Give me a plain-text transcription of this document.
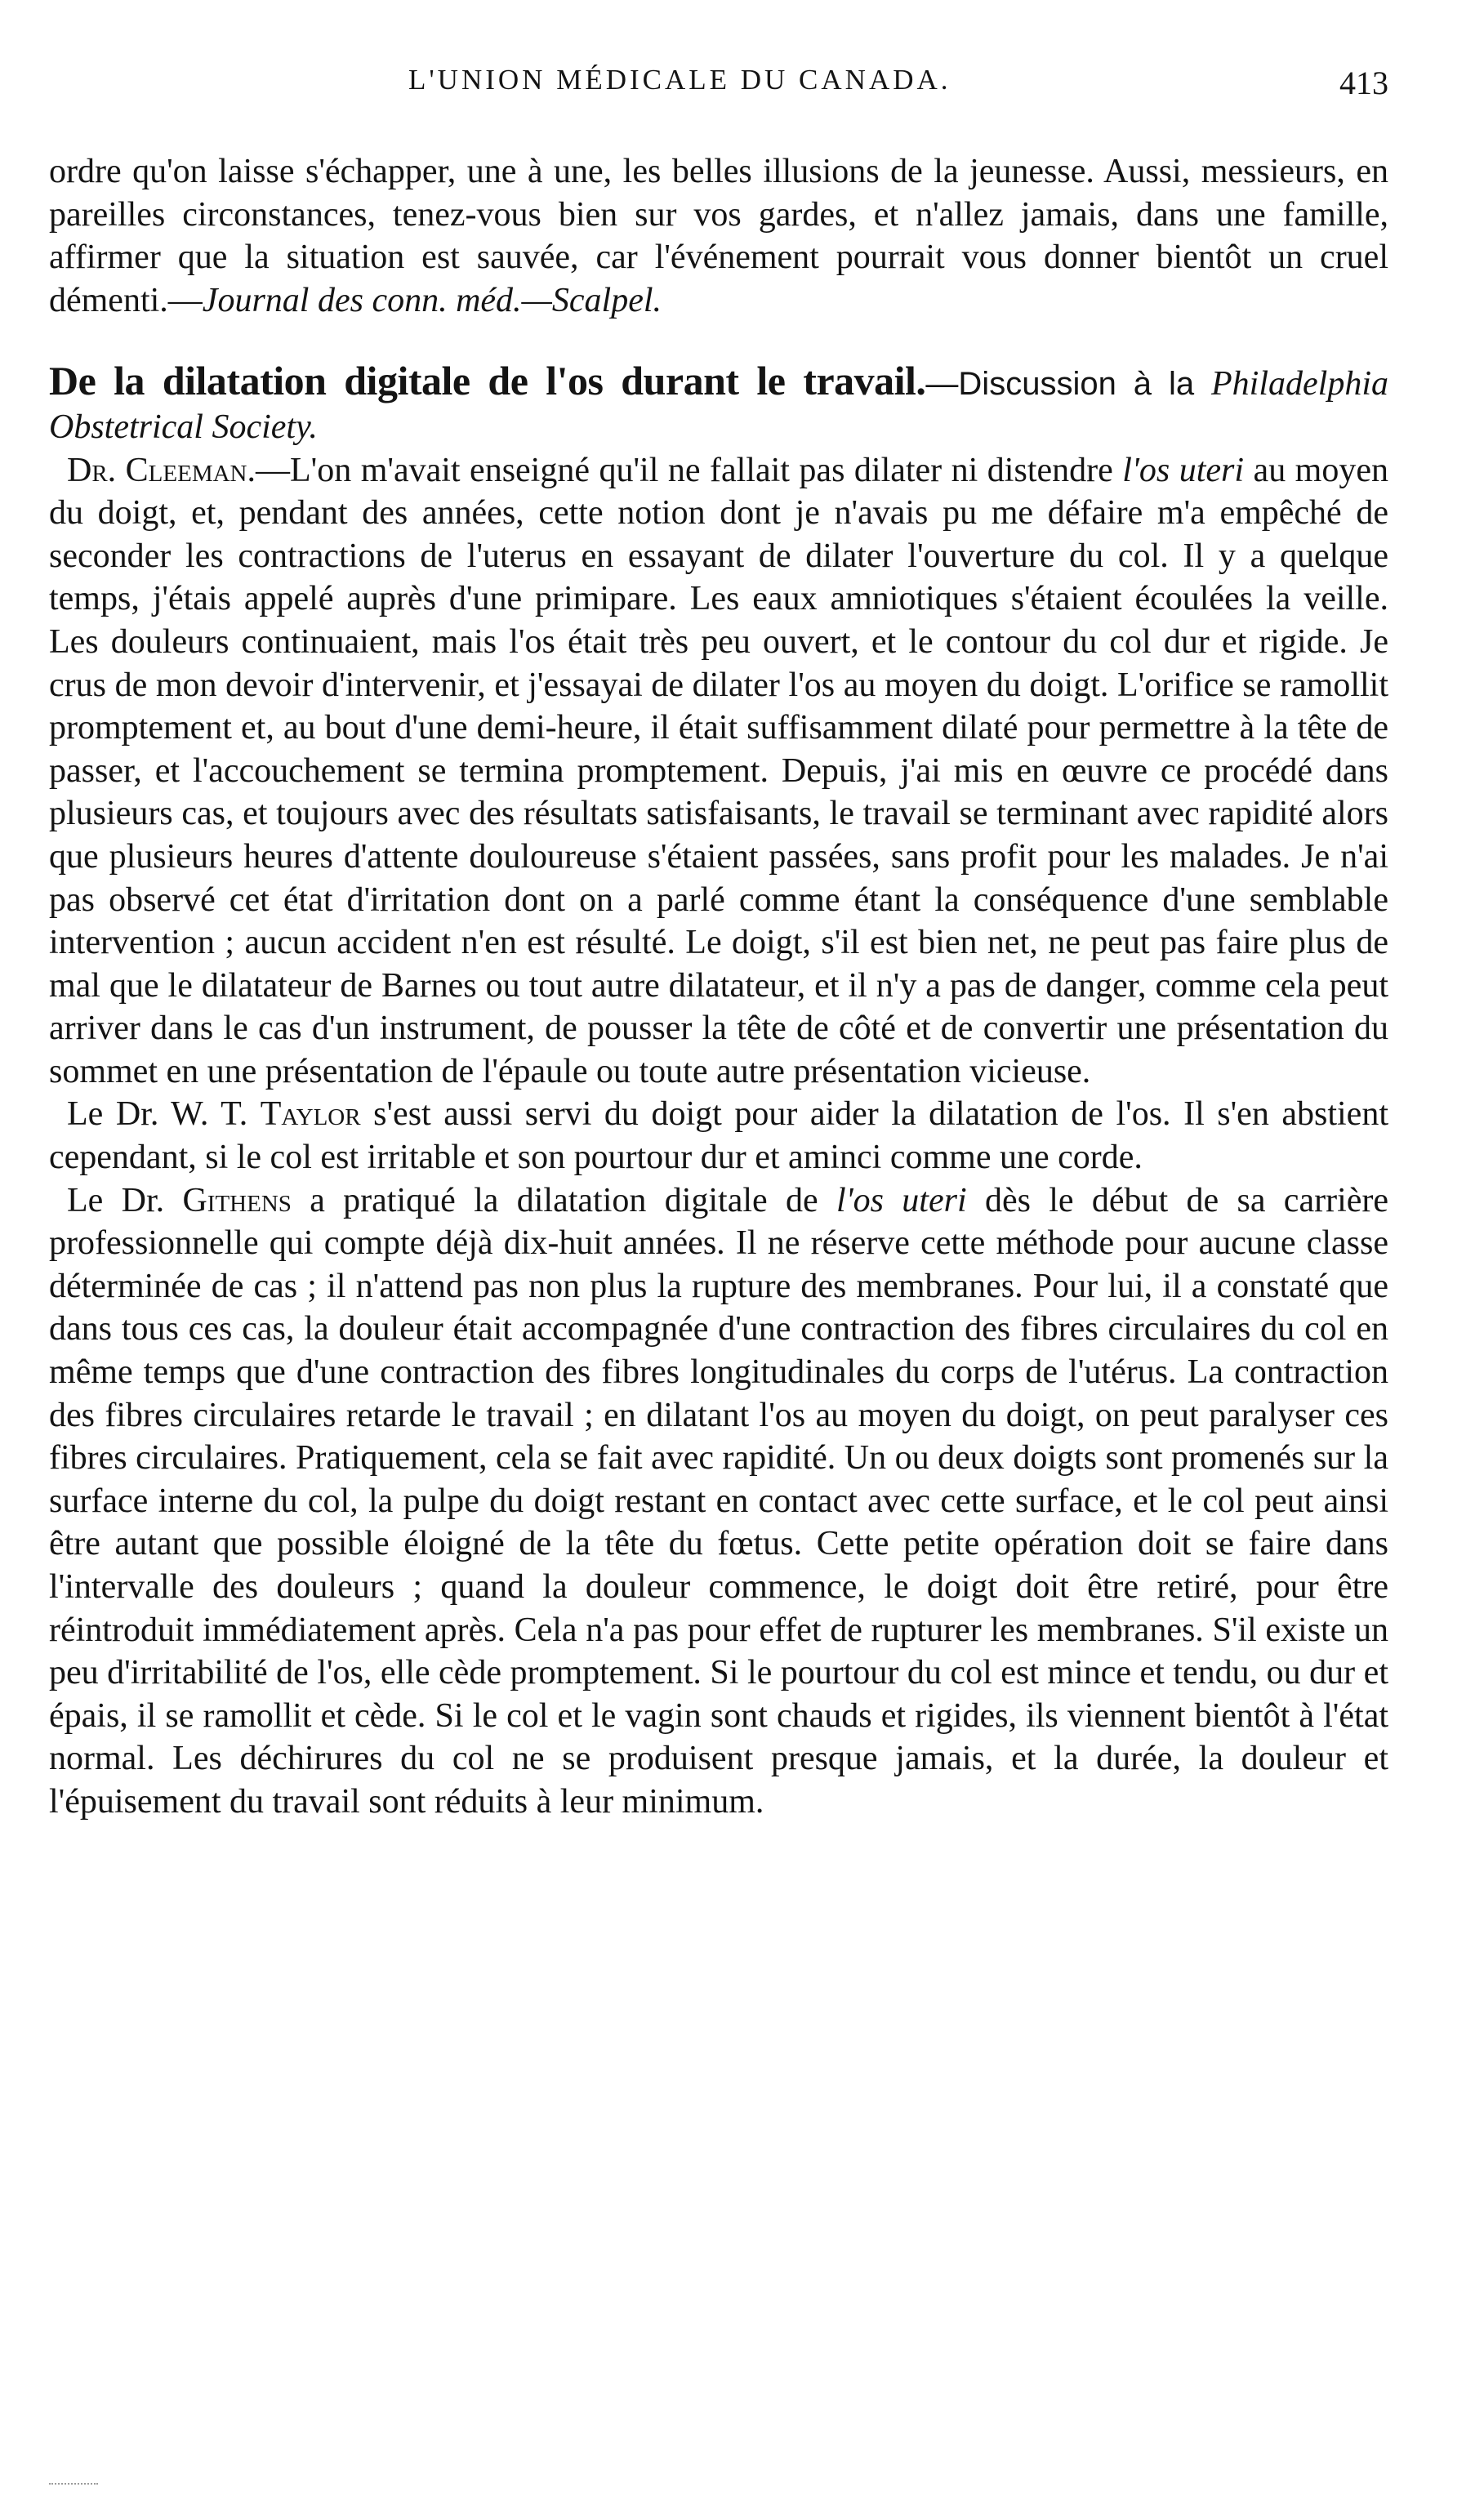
L'UNION MÉDICALE DU CANADA.	413

ordre qu'on laisse s'échapper, une à une, les belles illusions de la jeunesse. Aussi, messieurs, en pareilles circonstances, tenez-vous bien sur vos gardes, et n'allez jamais, dans une famille, affirmer que la situation est sauvée, car l'événement pourrait vous donner bientôt un cruel démenti.—Journal des conn. méd.—Scalpel.

De la dilatation digitale de l'os durant le travail.—Discussion à la Philadelphia Obstetrical Society.

Dr. Cleeman.—L'on m'avait enseigné qu'il ne fallait pas dilater ni distendre l'os uteri au moyen du doigt, et, pendant des années, cette notion dont je n'avais pu me défaire m'a empêché de seconder les contractions de l'uterus en essayant de dilater l'ouverture du col. Il y a quelque temps, j'étais appelé auprès d'une primipare. Les eaux amniotiques s'étaient écoulées la veille. Les douleurs continuaient, mais l'os était très peu ouvert, et le contour du col dur et rigide. Je crus de mon devoir d'intervenir, et j'essayai de dilater l'os au moyen du doigt. L'orifice se ramollit promptement et, au bout d'une demi-heure, il était suffisamment dilaté pour permettre à la tête de passer, et l'accouchement se termina promptement. Depuis, j'ai mis en œuvre ce procédé dans plusieurs cas, et toujours avec des résultats satisfaisants, le travail se terminant avec rapidité alors que plusieurs heures d'attente douloureuse s'étaient passées, sans profit pour les malades. Je n'ai pas observé cet état d'irritation dont on a parlé comme étant la conséquence d'une semblable intervention ; aucun accident n'en est résulté. Le doigt, s'il est bien net, ne peut pas faire plus de mal que le dilatateur de Barnes ou tout autre dilatateur, et il n'y a pas de danger, comme cela peut arriver dans le cas d'un instrument, de pousser la tête de côté et de convertir une présentation du sommet en une présentation de l'épaule ou toute autre présentation vicieuse.

Le Dr. W. T. Taylor s'est aussi servi du doigt pour aider la dilatation de l'os. Il s'en abstient cependant, si le col est irritable et son pourtour dur et aminci comme une corde.

Le Dr. Githens a pratiqué la dilatation digitale de l'os uteri dès le début de sa carrière professionnelle qui compte déjà dix-huit années. Il ne réserve cette méthode pour aucune classe déterminée de cas ; il n'attend pas non plus la rupture des membranes. Pour lui, il a constaté que dans tous ces cas, la douleur était accompagnée d'une contraction des fibres circulaires du col en même temps que d'une contraction des fibres longitudinales du corps de l'utérus. La contraction des fibres circulaires retarde le travail ; en dilatant l'os au moyen du doigt, on peut paralyser ces fibres circulaires. Pratiquement, cela se fait avec rapidité. Un ou deux doigts sont promenés sur la surface interne du col, la pulpe du doigt restant en contact avec cette surface, et le col peut ainsi être autant que possible éloigné de la tête du fœtus. Cette petite opération doit se faire dans l'intervalle des douleurs ; quand la douleur commence, le doigt doit être retiré, pour être réintroduit immédiatement après. Cela n'a pas pour effet de rupturer les membranes. S'il existe un peu d'irritabilité de l'os, elle cède promptement. Si le pourtour du col est mince et tendu, ou dur et épais, il se ramollit et cède. Si le col et le vagin sont chauds et rigides, ils viennent bientôt à l'état normal. Les déchirures du col ne se produisent presque jamais, et la durée, la douleur et l'épuisement du travail sont réduits à leur minimum.
